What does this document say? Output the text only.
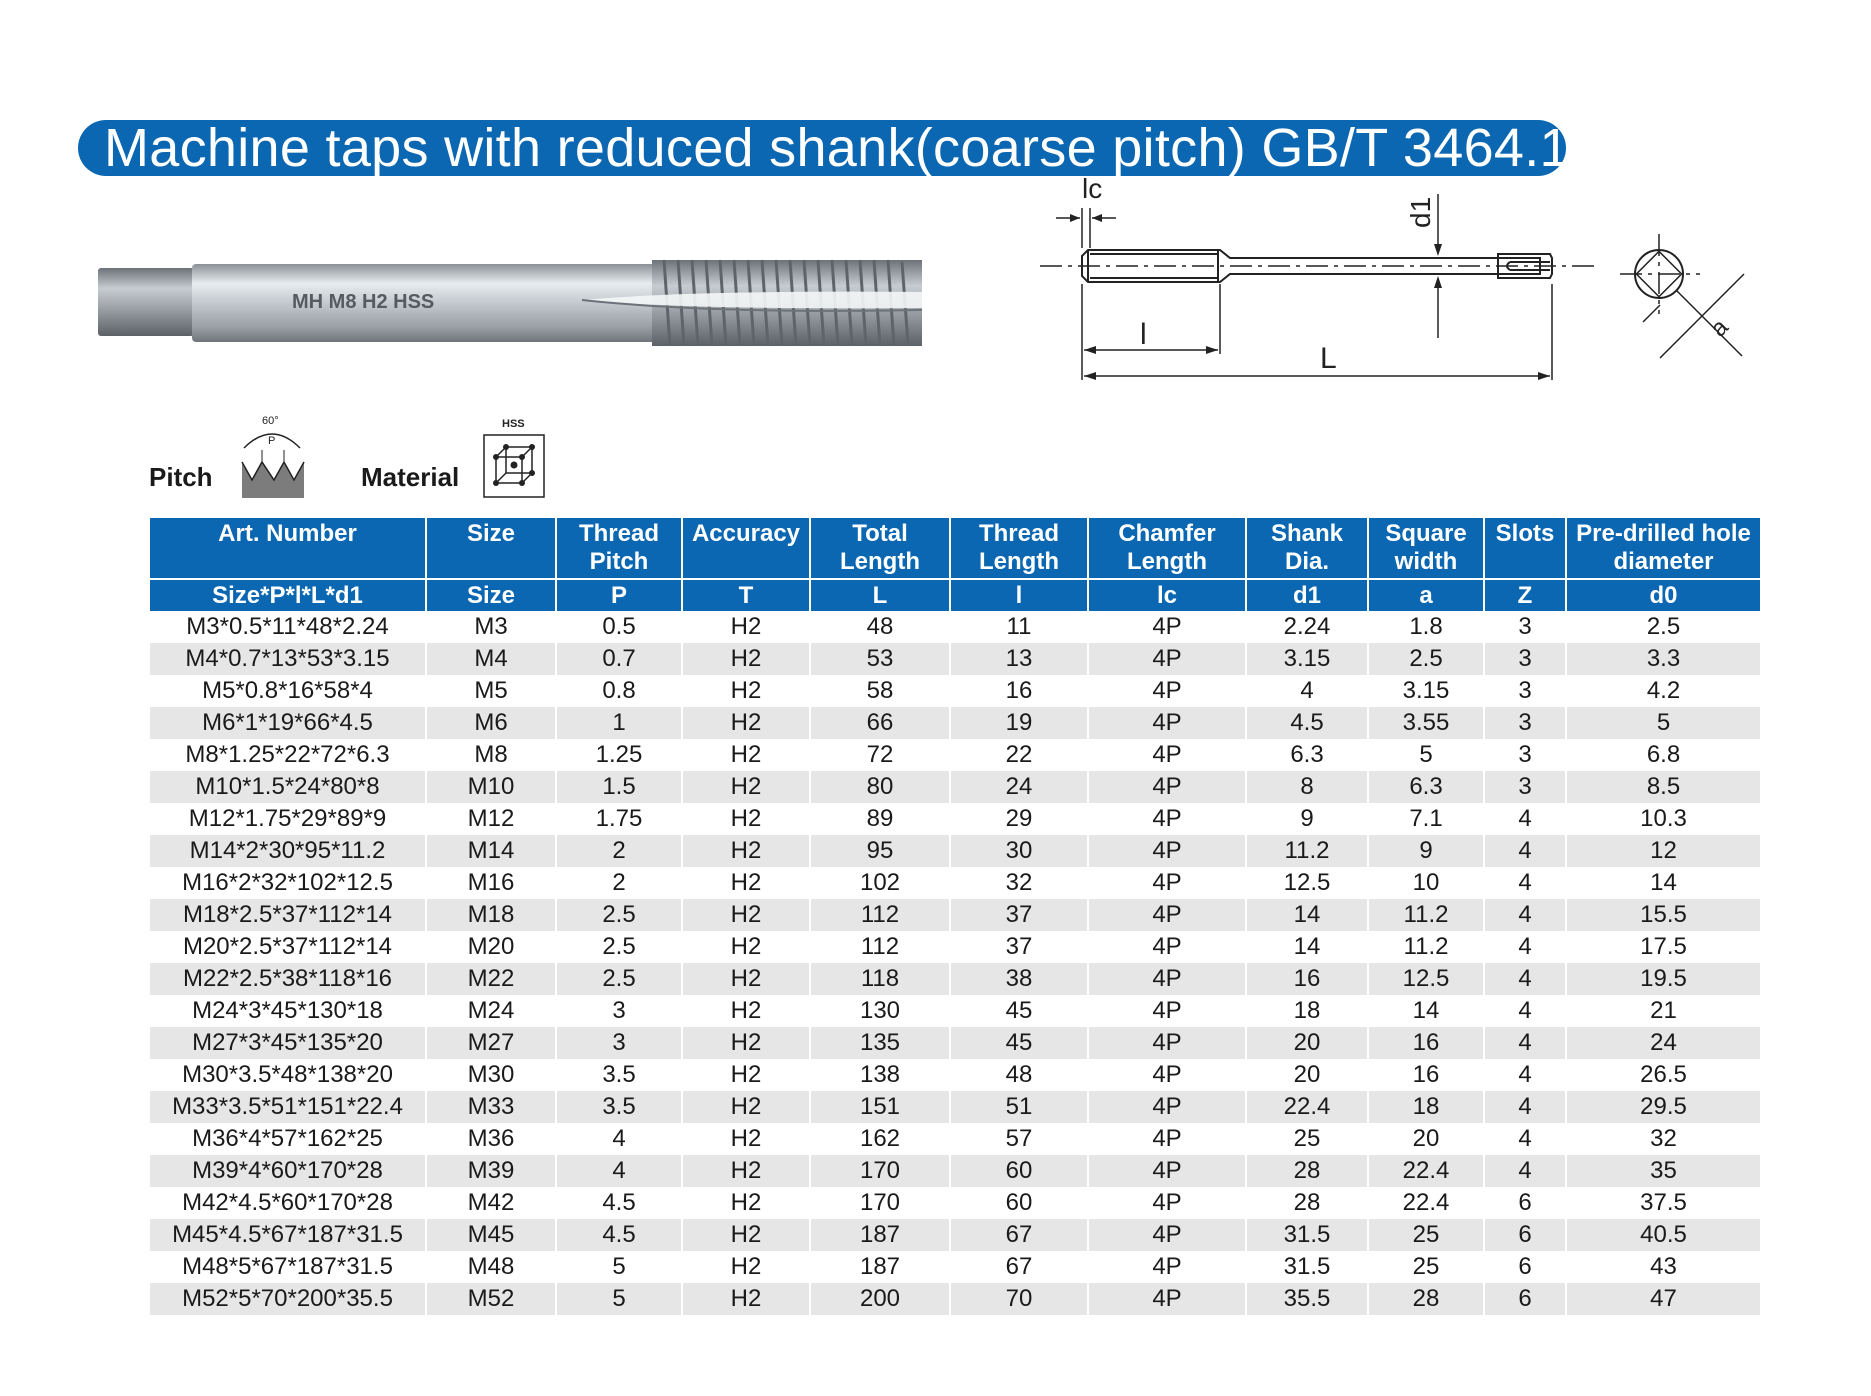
Machine taps with reduced shank(coarse pitch) GB/T 3464.1
MH M8 H2 HSS
l
L
lc
d1
a
Pitch
60°
P
Material
HSS
Art. Number	Size	Thread Pitch	Accuracy	Total Length	Thread Length	Chamfer Length	Shank Dia.	Square width	Slots	Pre-drilled hole diameter
Size*P*l*L*d1	Size	P	T	L	l	lc	d1	a	Z	d0
M3*0.5*11*48*2.24	M3	0.5	H2	48	11	4P	2.24	1.8	3	2.5
M4*0.7*13*53*3.15	M4	0.7	H2	53	13	4P	3.15	2.5	3	3.3
M5*0.8*16*58*4	M5	0.8	H2	58	16	4P	4	3.15	3	4.2
M6*1*19*66*4.5	M6	1	H2	66	19	4P	4.5	3.55	3	5
M8*1.25*22*72*6.3	M8	1.25	H2	72	22	4P	6.3	5	3	6.8
M10*1.5*24*80*8	M10	1.5	H2	80	24	4P	8	6.3	3	8.5
M12*1.75*29*89*9	M12	1.75	H2	89	29	4P	9	7.1	4	10.3
M14*2*30*95*11.2	M14	2	H2	95	30	4P	11.2	9	4	12
M16*2*32*102*12.5	M16	2	H2	102	32	4P	12.5	10	4	14
M18*2.5*37*112*14	M18	2.5	H2	112	37	4P	14	11.2	4	15.5
M20*2.5*37*112*14	M20	2.5	H2	112	37	4P	14	11.2	4	17.5
M22*2.5*38*118*16	M22	2.5	H2	118	38	4P	16	12.5	4	19.5
M24*3*45*130*18	M24	3	H2	130	45	4P	18	14	4	21
M27*3*45*135*20	M27	3	H2	135	45	4P	20	16	4	24
M30*3.5*48*138*20	M30	3.5	H2	138	48	4P	20	16	4	26.5
M33*3.5*51*151*22.4	M33	3.5	H2	151	51	4P	22.4	18	4	29.5
M36*4*57*162*25	M36	4	H2	162	57	4P	25	20	4	32
M39*4*60*170*28	M39	4	H2	170	60	4P	28	22.4	4	35
M42*4.5*60*170*28	M42	4.5	H2	170	60	4P	28	22.4	6	37.5
M45*4.5*67*187*31.5	M45	4.5	H2	187	67	4P	31.5	25	6	40.5
M48*5*67*187*31.5	M48	5	H2	187	67	4P	31.5	25	6	43
M52*5*70*200*35.5	M52	5	H2	200	70	4P	35.5	28	6	47
